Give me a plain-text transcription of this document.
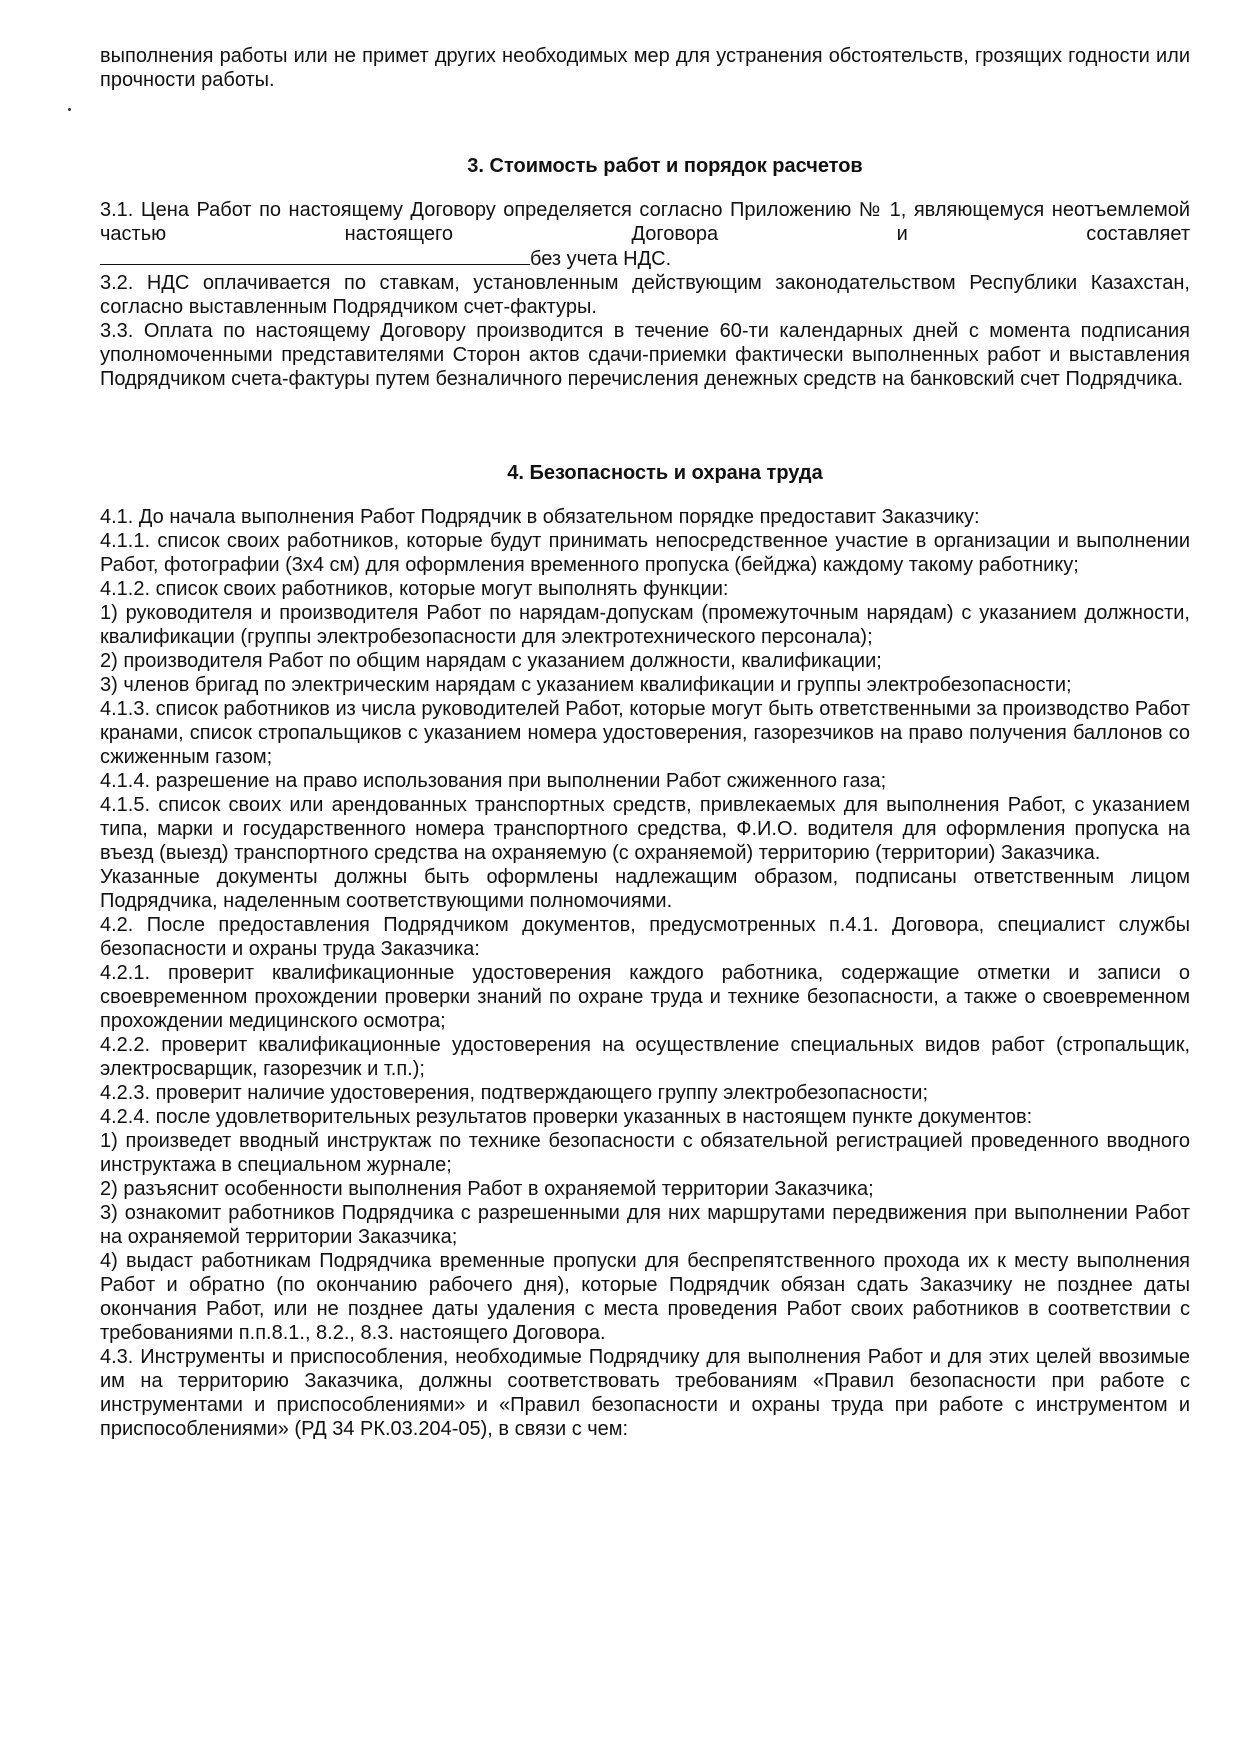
выполнения работы или не примет других необходимых мер для устранения обстоятельств, грозящих годности или прочности работы.

3. Стоимость работ и порядок расчетов

3.1. Цена Работ по настоящему Договору определяется согласно Приложению № 1, являющемуся неотъемлемой частью настоящего Договора и составляет

без учета НДС.

3.2. НДС оплачивается по ставкам, установленным действующим законодательством Республики Казахстан, согласно выставленным Подрядчиком счет-фактуры.

3.3. Оплата по настоящему Договору производится в течение 60-ти календарных дней с момента подписания уполномоченными представителями Сторон актов сдачи-приемки фактически выполненных работ и выставления Подрядчиком счета-фактуры путем безналичного перечисления денежных средств на банковский счет Подрядчика.

4. Безопасность и охрана труда

4.1. До начала выполнения Работ Подрядчик в обязательном порядке предоставит Заказчику:

4.1.1. список своих работников, которые будут принимать непосредственное участие в организации и выполнении Работ, фотографии (3х4 см) для оформления временного пропуска (бейджа) каждому такому работнику;

4.1.2. список своих работников, которые могут выполнять функции:

1) руководителя и производителя Работ по нарядам-допускам (промежуточным нарядам) с указанием должности, квалификации (группы электробезопасности для электротехнического персонала);

2) производителя Работ по общим нарядам с указанием должности, квалификации;

3) членов бригад по электрическим нарядам с указанием квалификации и группы электробезопасности;

4.1.3. список работников из числа руководителей Работ, которые могут быть ответственными за производство Работ кранами, список стропальщиков с указанием номера удостоверения, газорезчиков на право получения баллонов со сжиженным газом;

4.1.4. разрешение на право использования при выполнении Работ сжиженного газа;

4.1.5. список своих или арендованных транспортных средств, привлекаемых для выполнения Работ, с указанием типа, марки и государственного номера транспортного средства, Ф.И.О. водителя для оформления пропуска на въезд (выезд) транспортного средства на охраняемую (с охраняемой) территорию (территории) Заказчика.

Указанные документы должны быть оформлены надлежащим образом, подписаны ответственным лицом Подрядчика, наделенным соответствующими полномочиями.

4.2. После предоставления Подрядчиком документов, предусмотренных п.4.1. Договора, специалист службы безопасности и охраны труда Заказчика:

4.2.1. проверит квалификационные удостоверения каждого работника, содержащие отметки и записи о своевременном прохождении проверки знаний по охране труда и технике безопасности, а также о своевременном прохождении медицинского осмотра;

4.2.2. проверит квалификационные удостоверения на осуществление специальных видов работ (стропальщик, электросварщик, газорезчик и т.п.);

4.2.3. проверит наличие удостоверения, подтверждающего группу электробезопасности;

4.2.4. после удовлетворительных результатов проверки указанных в настоящем пункте документов:

1) произведет вводный инструктаж по технике безопасности с обязательной регистрацией проведенного вводного инструктажа в специальном журнале;

2) разъяснит особенности выполнения Работ в охраняемой территории Заказчика;

3) ознакомит работников Подрядчика с разрешенными для них маршрутами передвижения при выполнении Работ на охраняемой территории Заказчика;

4) выдаст работникам Подрядчика временные пропуски для беспрепятственного прохода их к месту выполнения Работ и обратно (по окончанию рабочего дня), которые Подрядчик обязан сдать Заказчику не позднее даты окончания Работ, или не позднее даты удаления с места проведения Работ своих работников в соответствии с требованиями п.п.8.1., 8.2., 8.3. настоящего Договора.

4.3. Инструменты и приспособления, необходимые Подрядчику для выполнения Работ и для этих целей ввозимые им на территорию Заказчика, должны соответствовать требованиям «Правил безопасности при работе с инструментами и приспособлениями» и «Правил безопасности и охраны труда при работе с инструментом и приспособлениями» (РД 34 РК.03.204-05), в связи с чем:
